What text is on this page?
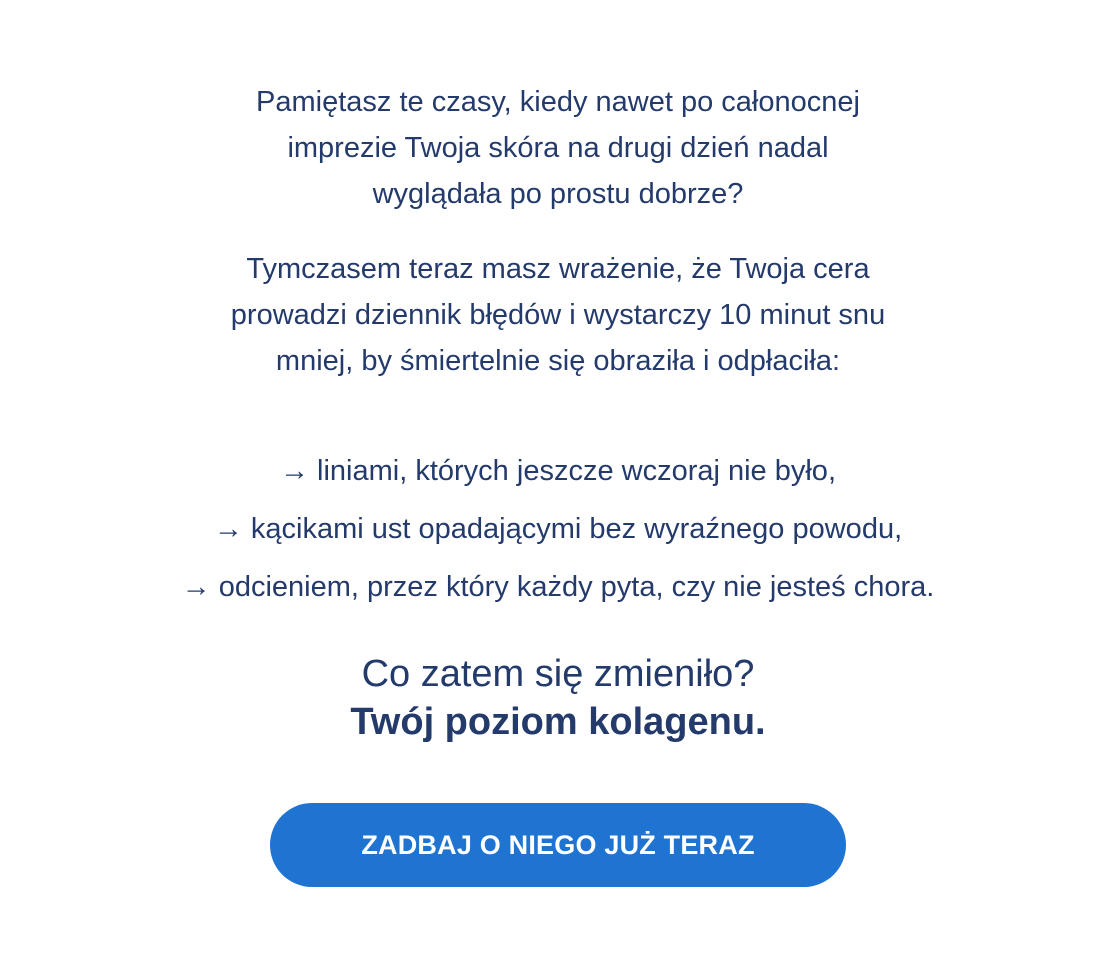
Pamiętasz te czasy, kiedy nawet po całonocnej
imprezie Twoja skóra na drugi dzień nadal
wyglądała po prostu dobrze?

Tymczasem teraz masz wrażenie, że Twoja cera
prowadzi dziennik błędów i wystarczy 10 minut snu
mniej, by śmiertelnie się obraziła i odpłaciła:

→ liniami, których jeszcze wczoraj nie było,
→ kącikami ust opadającymi bez wyraźnego powodu,
→ odcieniem, przez który każdy pyta, czy nie jesteś chora.

Co zatem się zmieniło?

Twój poziom kolagenu.

ZADBAJ O NIEGO JUŻ TERAZ
